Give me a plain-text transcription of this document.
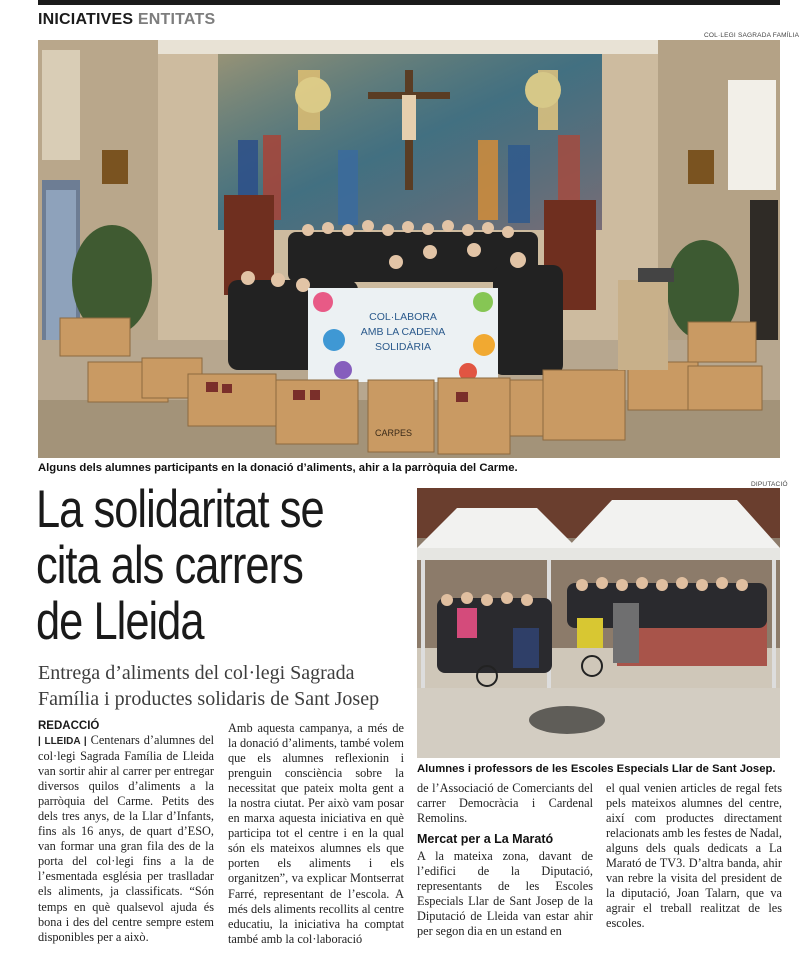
INICIATIVES ENTITATS
COL·LEGI SAGRADA FAMÍLIA
COL·LABORA
AMB LA CADENA
SOLIDÀRIA
CARPES
Alguns dels alumnes participants en la donació d’aliments, ahir a la parròquia del Carme.
La solidaritat se
cita als carrers
de Lleida
Entrega d’aliments del col·legi Sagrada Família i productes solidaris de Sant Josep
DIPUTACIÓ
Alumnes i professors de les Escoles Especials Llar de Sant Josep.
REDACCIÓ

| LLEIDA | Centenars d’alumnes del col·legi Sagrada Família de Lleida van sortir ahir al carrer per entregar diversos quilos d’aliments a la parròquia del Carme. Petits des dels tres anys, de la Llar d’Infants, fins als 16 anys, de quart d’ESO, van formar una gran fila des de la porta del col·legi fins a la de l’esmentada església per traslladar els aliments, ja classificats. “Són temps en què qualsevol ajuda és bona i des del centre sempre estem disponibles per a això.

Amb aquesta campanya, a més de la donació d’aliments, també volem que els alumnes reflexionin i prenguin consciència sobre la necessitat que pateix molta gent a la nostra ciutat. Per això vam posar en marxa aquesta iniciativa en què participa tot el centre i en la qual són els mateixos alumnes els que porten els aliments i els organitzen”, va explicar Montserrat Farré, representant de l’escola. A més dels aliments recollits al centre educatiu, la iniciativa ha comptat també amb la col·laboració

de l’Associació de Comerciants del carrer Democràcia i Cardenal Remolins.

Mercat per a La Marató

A la mateixa zona, davant de l’edifici de la Diputació, representants de les Escoles Especials Llar de Sant Josep de la Diputació de Lleida van estar ahir per segon dia en un estand en

el qual venien articles de regal fets pels mateixos alumnes del centre, així com productes directament relacionats amb les festes de Nadal, alguns dels quals dedicats a La Marató de TV3. D’altra banda, ahir van rebre la visita del president de la diputació, Joan Talarn, que va agrair el treball realitzat de les escoles.
